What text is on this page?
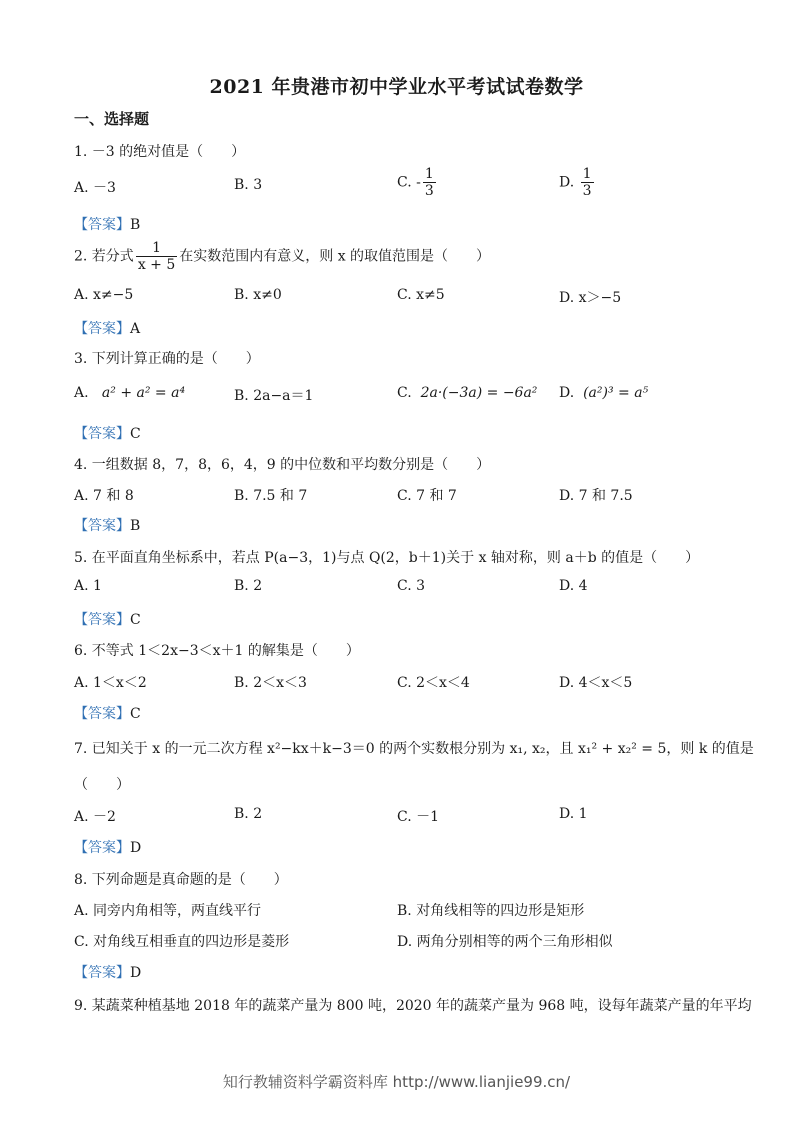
2021 年贵港市初中学业水平考试试卷数学
一、选择题
1. －3 的绝对值是（　　）
A. －3	B. 3	C. - $\frac{1}{3}$	D. $\frac{1}{3}$
【答案】B
2. 若分式 $\frac{1}{x + 5}$ 在实数范围内有意义，则 x 的取值范围是（　　）
A. x≠−5	B. x≠0	C. x≠5	D. x＞−5
【答案】A
3. 下列计算正确的是（　　）
A. a² + a² = a⁴	B. 2a−a＝1	C. 2a·(−3a) = −6a² D. (a²)³ = a⁵
【答案】C
4. 一组数据 8，7，8，6，4，9 的中位数和平均数分别是（　　）
A. 7 和 8	B. 7.5 和 7	C. 7 和 7	D. 7 和 7.5
【答案】B
5. 在平面直角坐标系中，若点 P(a−3，1)与点 Q(2，b＋1)关于 x 轴对称，则 a＋b 的值是（　　）
A. 1	B. 2	C. 3	D. 4
【答案】C
6. 不等式 1＜2x−3＜x＋1 的解集是（　　）
A. 1＜x＜2	B. 2＜x＜3	C. 2＜x＜4	D. 4＜x＜5
【答案】C
7. 已知关于 x 的一元二次方程 x²−kx＋k−3＝0 的两个实数根分别为 x₁, x₂，且 x₁² + x₂² = 5，则 k 的值是
（　　）
A. －2	B. 2	C. －1	D. 1
【答案】D
8. 下列命题是真命题的是（　　）
A. 同旁内角相等，两直线平行	B. 对角线相等的四边形是矩形
C. 对角线互相垂直的四边形是菱形	D. 两角分别相等的两个三角形相似
【答案】D
9. 某蔬菜种植基地 2018 年的蔬菜产量为 800 吨，2020 年的蔬菜产量为 968 吨，设每年蔬菜产量的年平均
知行教辅资料学霸资料库 http://www.lianjie99.cn/
